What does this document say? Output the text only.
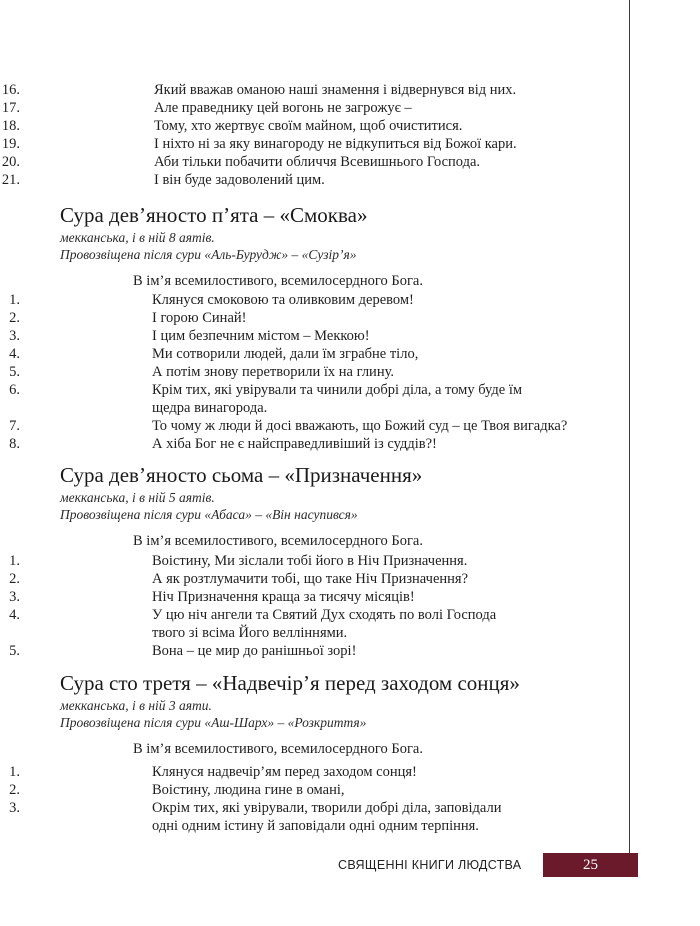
16.	Який вважав оманою наші знамення і відвернувся від них.
17.	Але праведнику цей вогонь не загрожує –
18.	Тому, хто жертвує своїм майном, щоб очиститися.
19.	І ніхто ні за яку винагороду не відкупиться від Божої кари.
20.	Аби тільки побачити обличчя Всевишнього Господа.
21.	І він буде задоволений цим.
Сура дев’яносто п’ята – «Смоква»
мекканська, і в ній 8 аятів.
Провозвіщена після сури «Аль-Бурудж» – «Сузір’я»
В ім’я всемилостивого, всемилосердного Бога.
1.	Клянуся смоковою та оливковим деревом!
2.	І горою Синай!
3.	І цим безпечним містом – Меккою!
4.	Ми сотворили людей, дали їм зграбне тіло,
5.	А потім знову перетворили їх на глину.
6.	Крім тих, які увірували та чинили добрі діла, а тому буде їм
щедра винагорода.
7.	То чому ж люди й досі вважають, що Божий суд – це Твоя вигадка?
8.	А хіба Бог не є найсправедливіший із суддів?!
Сура дев’яносто сьома – «Призначення»
мекканська, і в ній 5 аятів.
Провозвіщена після сури «Абаса» – «Він насупився»
В ім’я всемилостивого, всемилосердного Бога.
1.	Воістину, Ми зіслали тобі його в Ніч Призначення.
2.	А як розтлумачити тобі, що таке Ніч Призначення?
3.	Ніч Призначення краща за тисячу місяців!
4.	У цю ніч ангели та Святий Дух сходять по волі Господа
твого зі всіма Його велліннями.
5.	Вона – це мир до ранішньої зорі!
Сура сто третя – «Надвечір’я перед заходом сонця»
мекканська, і в ній 3 аяти.
Провозвіщена після сури «Аш-Шарх» – «Розкриття»
В ім’я всемилостивого, всемилосердного Бога.
1.	Клянуся надвечір’ям перед заходом сонця!
2.	Воістину, людина гине в омані,
3.	Окрім тих, які увірували, творили добрі діла, заповідали
одні одним істину й заповідали одні одним терпіння.
СВЯЩЕННІ КНИГИ ЛЮДСТВА	25
